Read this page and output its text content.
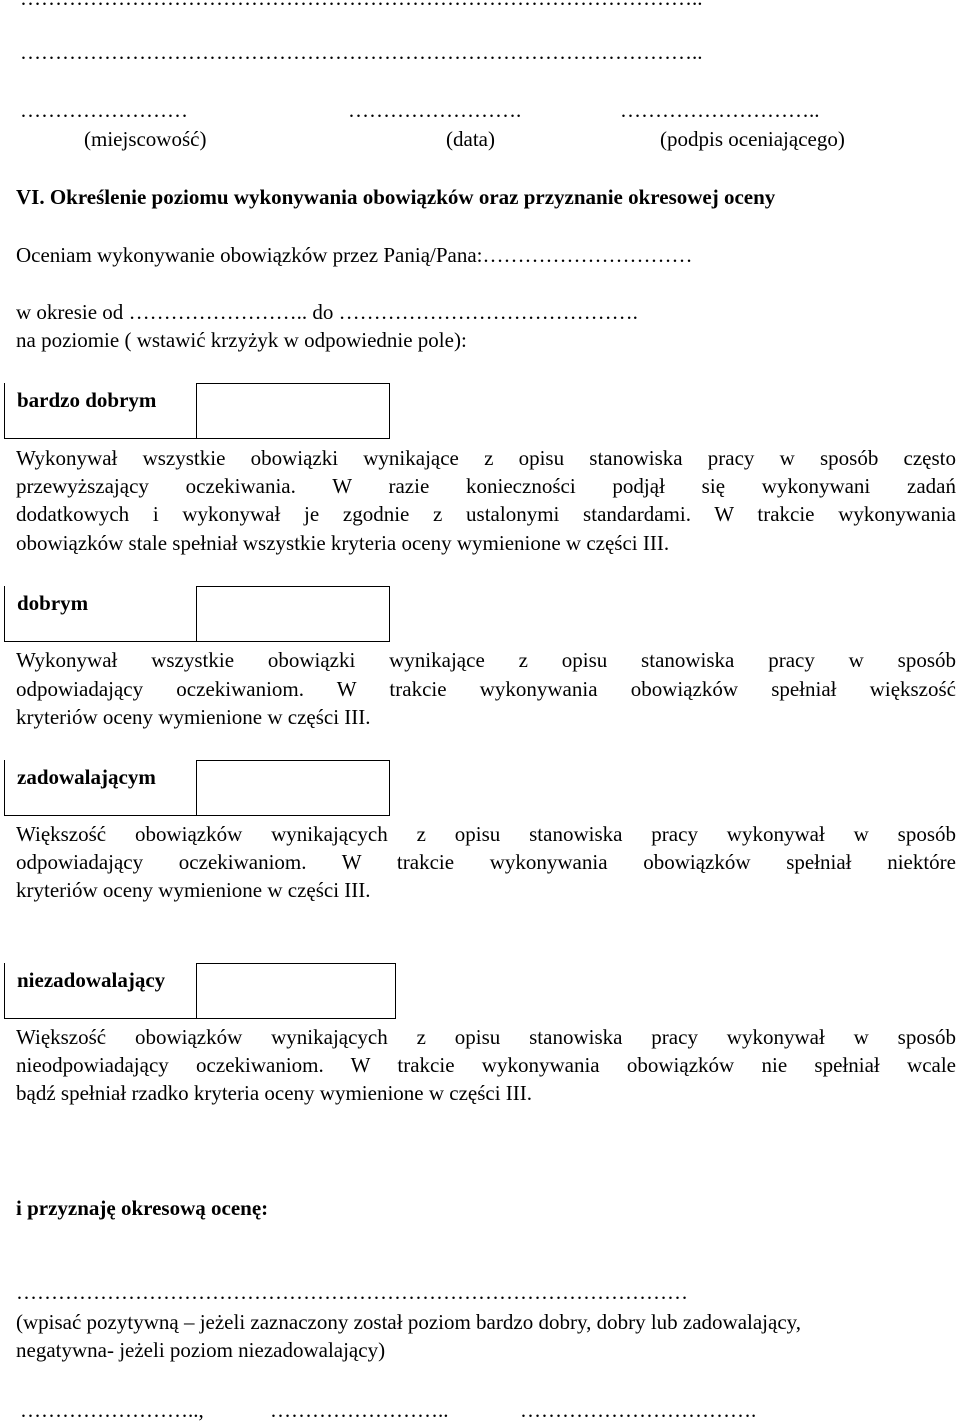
……………………………………………………………………………………..
……………………	…………………….	………………………..
(miejscowość)	(data)	(podpis oceniającego)
VI. Określenie poziomu wykonywania obowiązków oraz przyznanie okresowej oceny
Oceniam wykonywanie obowiązków przez Panią/Pana:…………………………
w okresie od …………………….. do …………………………………….
na poziomie ( wstawić krzyżyk w odpowiednie pole):
bardzo dobrym
Wykonywał wszystkie obowiązki wynikające z opisu stanowiska pracy w sposób często
przewyższający oczekiwania. W razie konieczności podjął się wykonywani zadań
dodatkowych i wykonywał je zgodnie z ustalonymi standardami. W trakcie wykonywania
obowiązków stale spełniał wszystkie kryteria oceny wymienione w części III.
dobrym
Wykonywał wszystkie obowiązki wynikające z opisu stanowiska pracy w sposób
odpowiadający oczekiwaniom. W trakcie wykonywania obowiązków spełniał większość
kryteriów oceny wymienione w części III.
zadowalającym
Większość obowiązków wynikających z opisu stanowiska pracy wykonywał w sposób
odpowiadający oczekiwaniom. W trakcie wykonywania obowiązków spełniał niektóre
kryteriów oceny wymienione w części III.
niezadowalający
Większość obowiązków wynikających z opisu stanowiska pracy wykonywał w sposób
nieodpowiadający oczekiwaniom. W trakcie wykonywania obowiązków nie spełniał wcale
bądź spełniał rzadko kryteria oceny wymienione w części III.
i przyznaję okresową ocenę:
……………………………………………………………………………………
(wpisać pozytywną – jeżeli zaznaczony został poziom bardzo dobry, dobry lub zadowalający,
negatywna- jeżeli poziom niezadowalający)
……………………..,	……………………..	…………………………….
